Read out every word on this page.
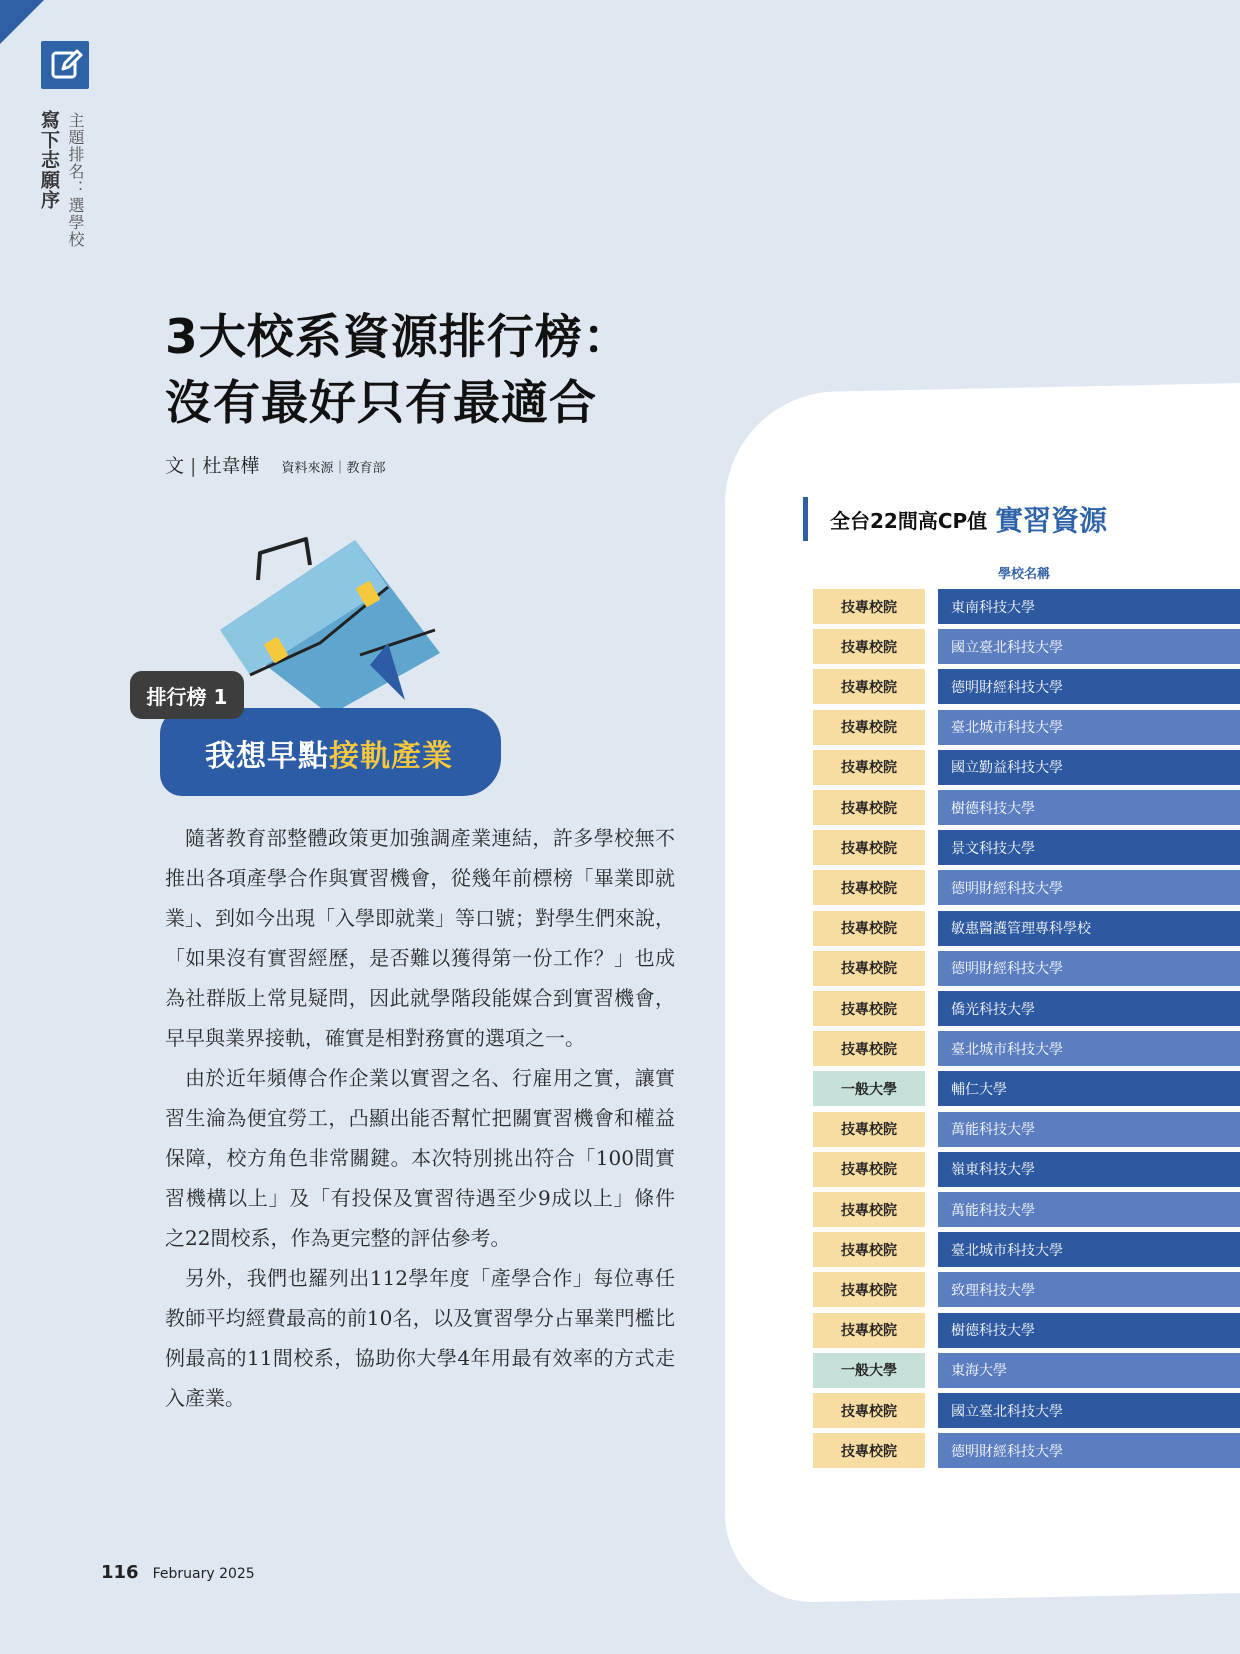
寫下志願序 主題排名：選學校
3大校系資源排行榜：
沒有最好只有最適合
文 | 杜韋樺 資料來源｜教育部
排行榜 1
我想早點接軌產業

隨著教育部整體政策更加強調產業連結，許多學校無不推出各項產學合作與實習機會，從幾年前標榜「畢業即就業」、到如今出現「入學即就業」等口號；對學生們來說，「如果沒有實習經歷，是否難以獲得第一份工作？」也成為社群版上常見疑問，因此就學階段能媒合到實習機會，早早與業界接軌，確實是相對務實的選項之一。

由於近年頻傳合作企業以實習之名、行雇用之實，讓實習生淪為便宜勞工，凸顯出能否幫忙把關實習機會和權益保障，校方角色非常關鍵。本次特別挑出符合「100間實習機構以上」及「有投保及實習待遇至少9成以上」條件之22間校系，作為更完整的評估參考。

另外，我們也羅列出112學年度「產學合作」每位專任教師平均經費最高的前10名，以及實習學分占畢業門檻比例最高的11間校系，協助你大學4年用最有效率的方式走入產業。

116 February 2025
全台22間高CP值 實習資源
學校名稱
技專校院	東南科技大學
技專校院	國立臺北科技大學
技專校院	德明財經科技大學
技專校院	臺北城市科技大學
技專校院	國立勤益科技大學
技專校院	樹德科技大學
技專校院	景文科技大學
技專校院	德明財經科技大學
技專校院	敏惠醫護管理專科學校
技專校院	德明財經科技大學
技專校院	僑光科技大學
技專校院	臺北城市科技大學
一般大學	輔仁大學
技專校院	萬能科技大學
技專校院	嶺東科技大學
技專校院	萬能科技大學
技專校院	臺北城市科技大學
技專校院	致理科技大學
技專校院	樹德科技大學
一般大學	東海大學
技專校院	國立臺北科技大學
技專校院	德明財經科技大學
